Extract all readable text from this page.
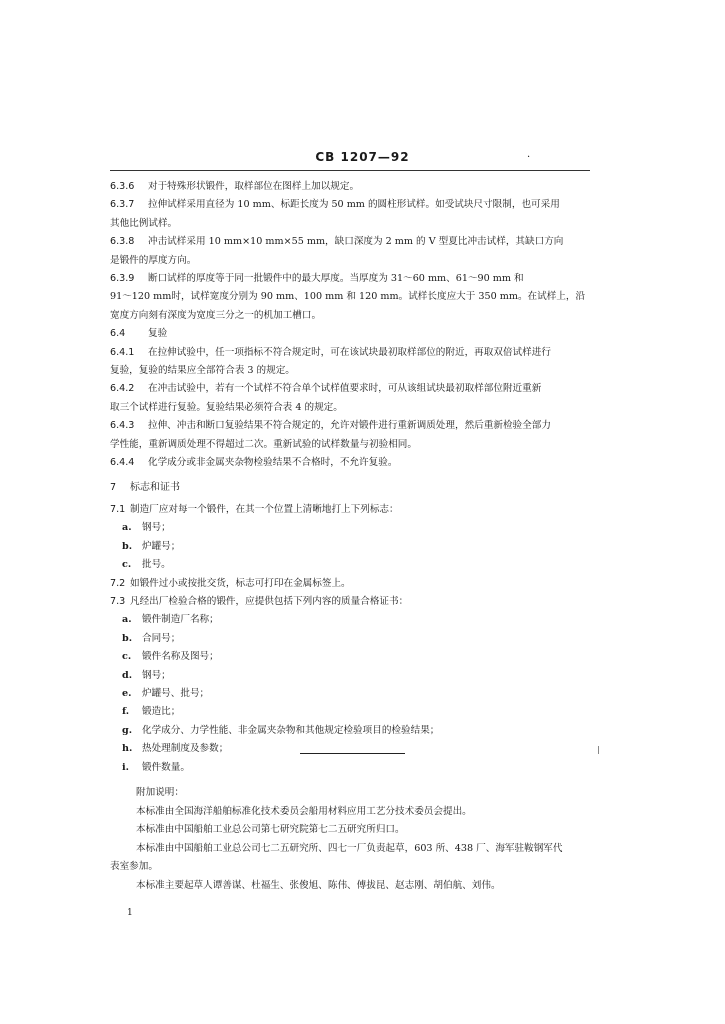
CB 1207—92	·
6.3.6	对于特殊形状锻件，取样部位在图样上加以规定。
6.3.7	拉伸试样采用直径为 10 mm、标距长度为 50 mm 的圆柱形试样。如受试块尺寸限制，也可采用
其他比例试样。
6.3.8	冲击试样采用 10 mm×10 mm×55 mm，缺口深度为 2 mm 的 V 型夏比冲击试样，其缺口方向
是锻件的厚度方向。
6.3.9	断口试样的厚度等于同一批锻件中的最大厚度。当厚度为 31～60 mm、61～90 mm 和
91～120 mm时，试样宽度分别为 90 mm、100 mm 和 120 mm。试样长度应大于 350 mm。在试样上，沿
宽度方向刻有深度为宽度三分之一的机加工槽口。
6.4	复验
6.4.1	在拉伸试验中，任一项指标不符合规定时，可在该试块最初取样部位的附近，再取双倍试样进行
复验，复验的结果应全部符合表 3 的规定。
6.4.2	在冲击试验中，若有一个试样不符合单个试样值要求时，可从该组试块最初取样部位附近重新
取三个试样进行复验。复验结果必须符合表 4 的规定。
6.4.3	拉伸、冲击和断口复验结果不符合规定的，允许对锻件进行重新调质处理，然后重新检验全部力
学性能，重新调质处理不得超过二次。重新试验的试样数量与初验相同。
6.4.4	化学成分或非金属夹杂物检验结果不合格时，不允许复验。
7 标志和证书
7.1 制造厂应对每一个锻件，在其一个位置上清晰地打上下列标志：
a.	钢号；
b.	炉罐号；
c.	批号。
7.2 如锻件过小或按批交货，标志可打印在金属标签上。
7.3 凡经出厂检验合格的锻件，应提供包括下列内容的质量合格证书：
a.	锻件制造厂名称；
b.	合同号；
c.	锻件名称及图号；
d.	钢号；
e.	炉罐号、批号；
f.	锻造比；
g.	化学成分、力学性能、非金属夹杂物和其他规定检验项目的检验结果；
h.	热处理制度及参数；
i.	锻件数量。
附加说明：
本标准由全国海洋船舶标准化技术委员会船用材料应用工艺分技术委员会提出。
本标准由中国船舶工业总公司第七研究院第七二五研究所归口。
本标准由中国船舶工业总公司七二五研究所、四七一厂负责起草，603 所、438 厂、海军驻鞍钢军代
表室参加。
本标准主要起草人谭善谋、杜福生、张俊旭、陈伟、傅拔昆、赵志刚、胡伯航、刘伟。
1
